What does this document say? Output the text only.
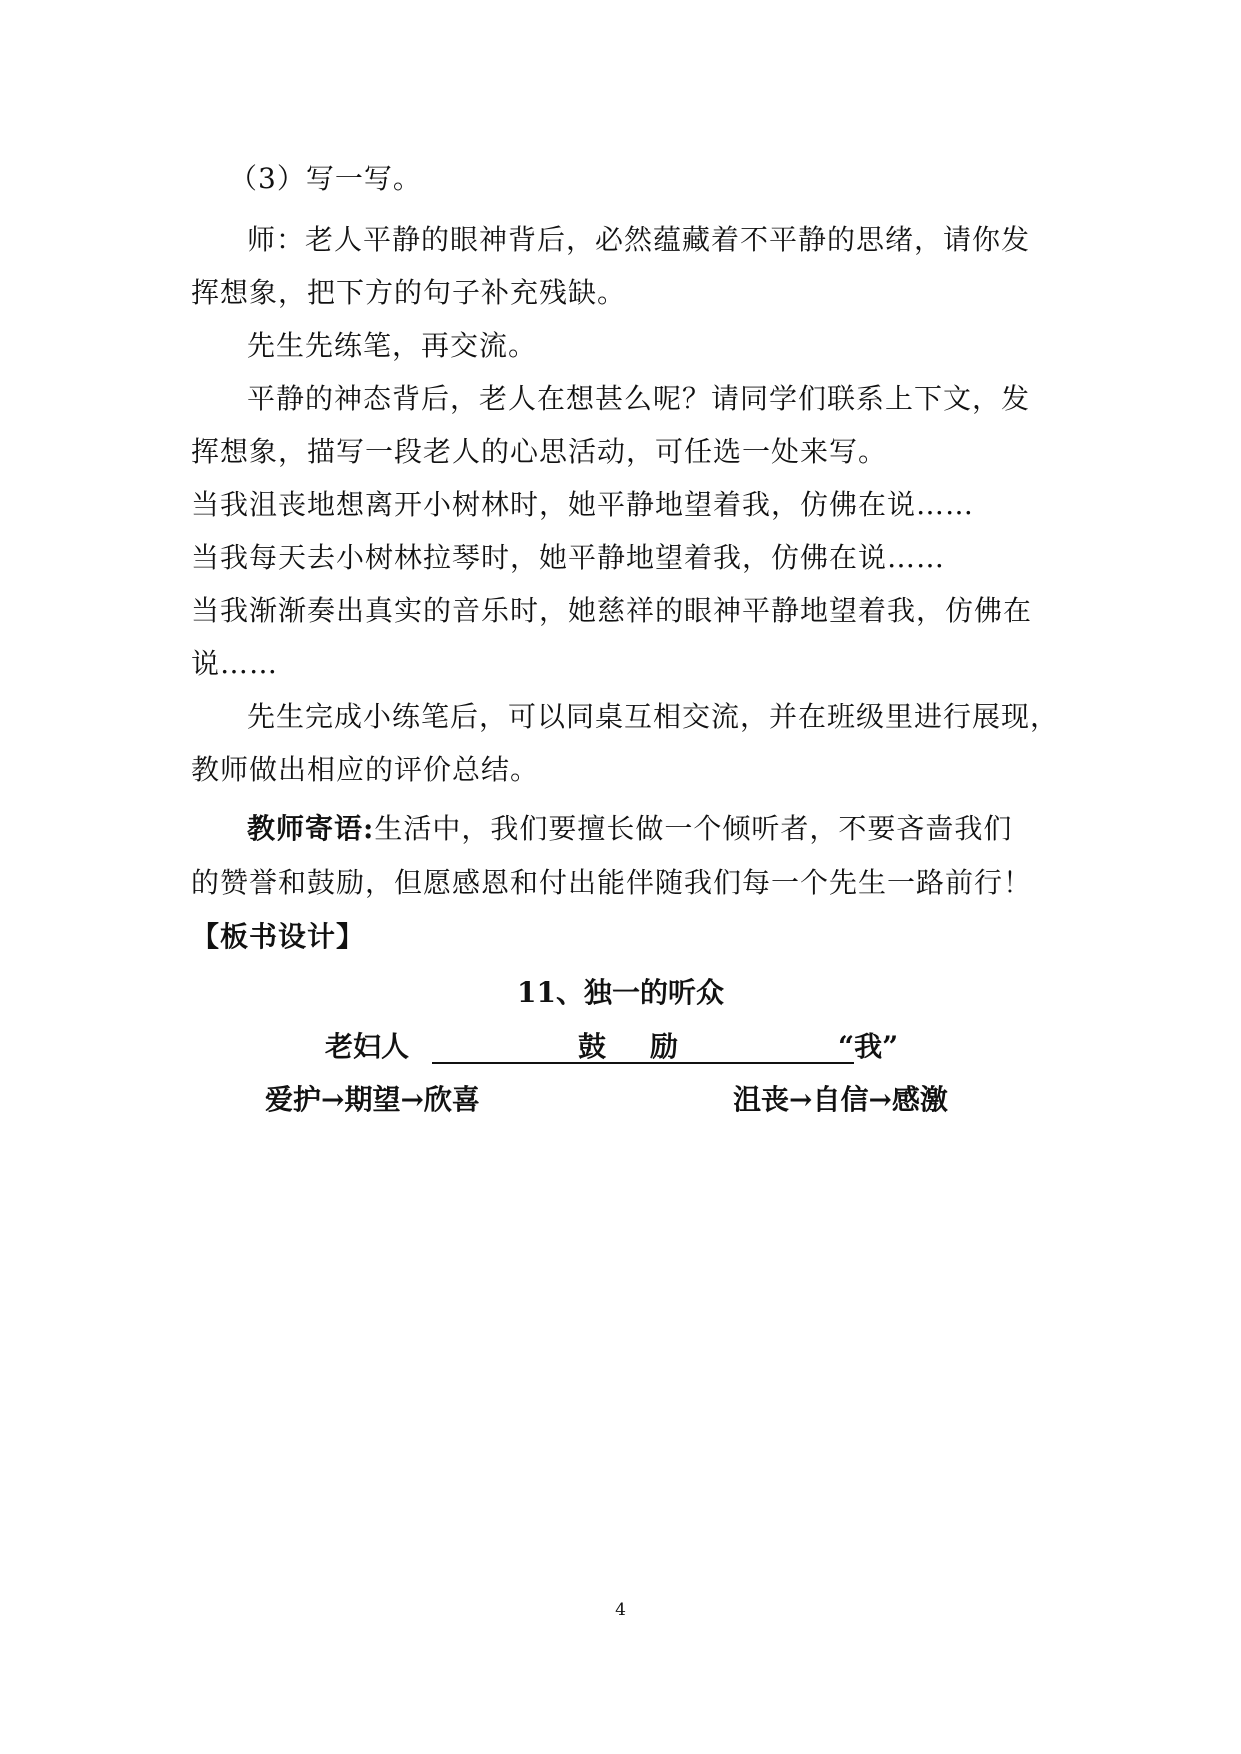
（3）写一写。
师：老人平静的眼神背后，必然蕴藏着不平静的思绪，请你发
挥想象，把下方的句子补充残缺。
先生先练笔，再交流。
平静的神态背后，老人在想甚么呢？请同学们联系上下文，发
挥想象，描写一段老人的心思活动，可任选一处来写。
当我沮丧地想离开小树林时，她平静地望着我，仿佛在说……
当我每天去小树林拉琴时，她平静地望着我，仿佛在说……
当我渐渐奏出真实的音乐时，她慈祥的眼神平静地望着我，仿佛在
说……
先生完成小练笔后，可以同桌互相交流，并在班级里进行展现，
教师做出相应的评价总结。
教师寄语:生活中，我们要擅长做一个倾听者，不要吝啬我们
的赞誉和鼓励，但愿感恩和付出能伴随我们每一个先生一路前行！
【板书设计】
11、独一的听众
老妇人	鼓　励	“我”
爱护→期望→欣喜	沮丧→自信→感激
4
